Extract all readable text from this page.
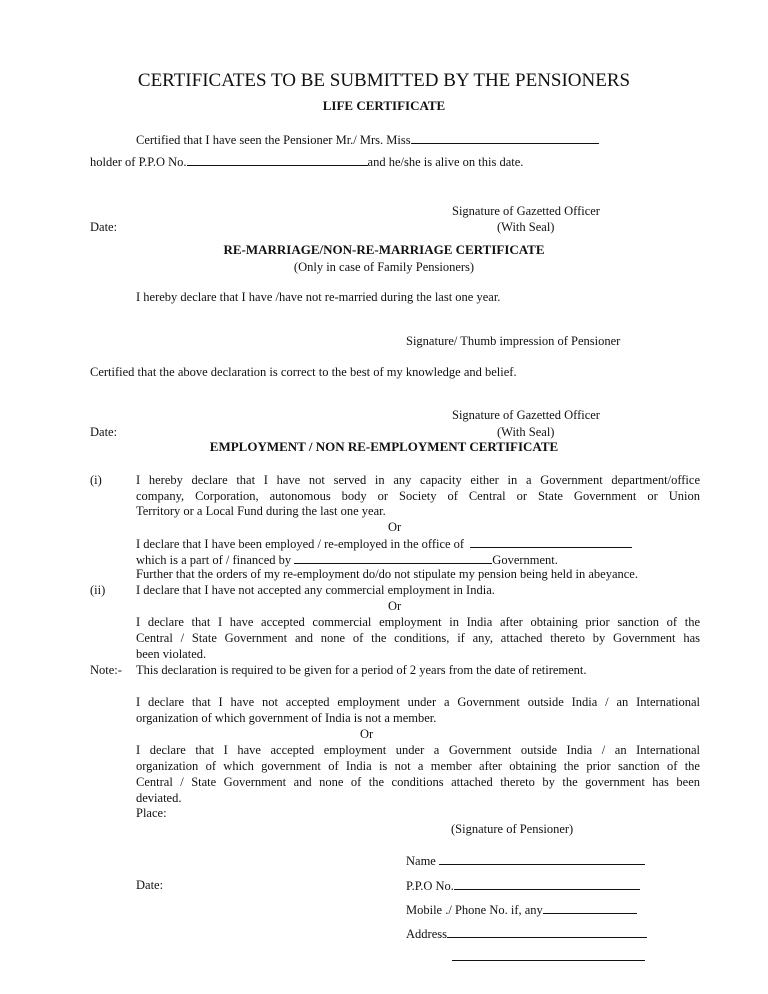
CERTIFICATES TO BE SUBMITTED BY THE PENSIONERS
LIFE CERTIFICATE
Certified that I have seen the Pensioner Mr./ Mrs. Miss
holder of P.P.O No.	and he/she is alive on this date.
Signature of Gazetted Officer
Date:	(With Seal)
RE-MARRIAGE/NON-RE-MARRIAGE CERTIFICATE
(Only in case of Family Pensioners)
I hereby declare that I have /have not re-married during the last one year.
Signature/ Thumb impression of Pensioner
Certified that the above declaration is correct to the best of my knowledge and belief.
Signature of Gazetted Officer
Date:	(With Seal)
EMPLOYMENT / NON RE-EMPLOYMENT CERTIFICATE
(i)	I hereby declare that I have not served in any capacity either in a Government department/office
company, Corporation, autonomous body or Society of Central or State Government or Union
Territory or a Local Fund during the last one year.
Or
I declare that I have been employed / re-employed in the office of
which is a part of / financed by	Government.
Further that the orders of my re-employment do/do not stipulate my pension being held in abeyance.
(ii) I declare that I have not accepted any commercial employment in India.
Or
I declare that I have accepted commercial employment in India after obtaining prior sanction of the
Central / State Government and none of the conditions, if any, attached thereto by Government has
been violated.
Note:- This declaration is required to be given for a period of 2 years from the date of retirement.
I declare that I have not accepted employment under a Government outside India / an International
organization of which government of India is not a member.
Or
I declare that I have accepted employment under a Government outside India / an International
organization of which government of India is not a member after obtaining the prior sanction of the
Central / State Government and none of the conditions attached thereto by the government has been
deviated.
Place:
(Signature of Pensioner)
Name
Date:	P.P.O No.
Mobile ./ Phone No. if, any
Address
